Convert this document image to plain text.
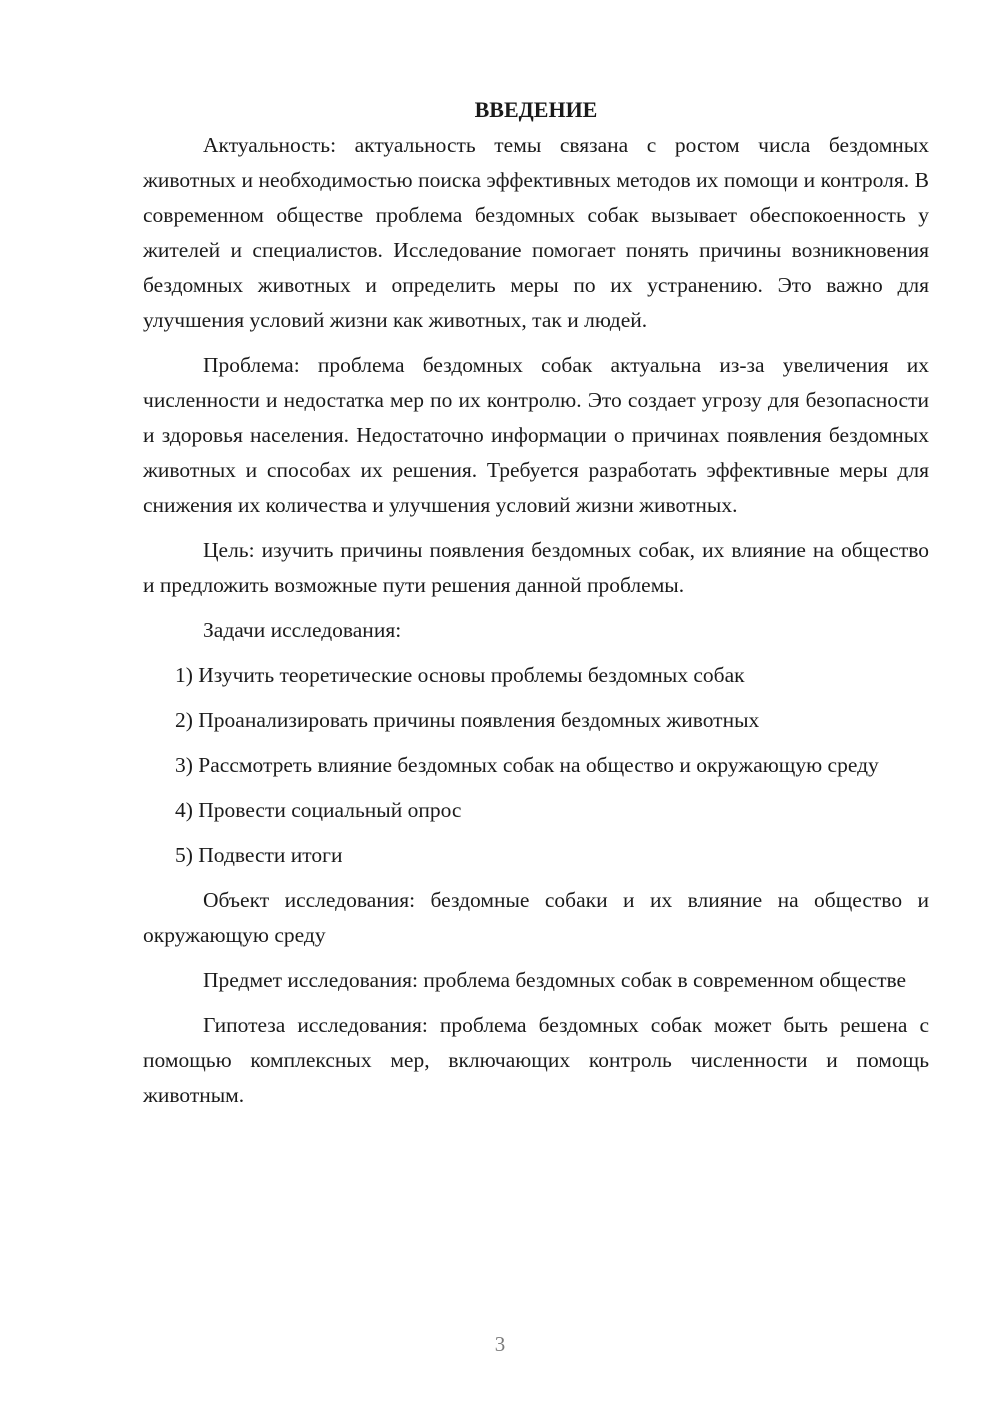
ВВЕДЕНИЕ

Актуальность: актуальность темы связана с ростом числа бездомных животных и необходимостью поиска эффективных методов их помощи и контроля. В современном обществе проблема бездомных собак вызывает обеспокоенность у жителей и специалистов. Исследование помогает понять причины возникновения бездомных животных и определить меры по их устранению. Это важно для улучшения условий жизни как животных, так и людей.

Проблема: проблема бездомных собак актуальна из-за увеличения их численности и недостатка мер по их контролю. Это создает угрозу для безопасности и здоровья населения. Недостаточно информации о причинах появления бездомных животных и способах их решения. Требуется разработать эффективные меры для снижения их количества и улучшения условий жизни животных.

Цель: изучить причины появления бездомных собак, их влияние на общество и предложить возможные пути решения данной проблемы.

Задачи исследования:

1) Изучить теоретические основы проблемы бездомных собак

2) Проанализировать причины появления бездомных животных

3) Рассмотреть влияние бездомных собак на общество и окружающую среду

4) Провести социальный опрос

5) Подвести итоги

Объект исследования: бездомные собаки и их влияние на общество и окружающую среду

Предмет исследования: проблема бездомных собак в современном обществе

Гипотеза исследования: проблема бездомных собак может быть решена с помощью комплексных мер, включающих контроль численности и помощь животным.

3
